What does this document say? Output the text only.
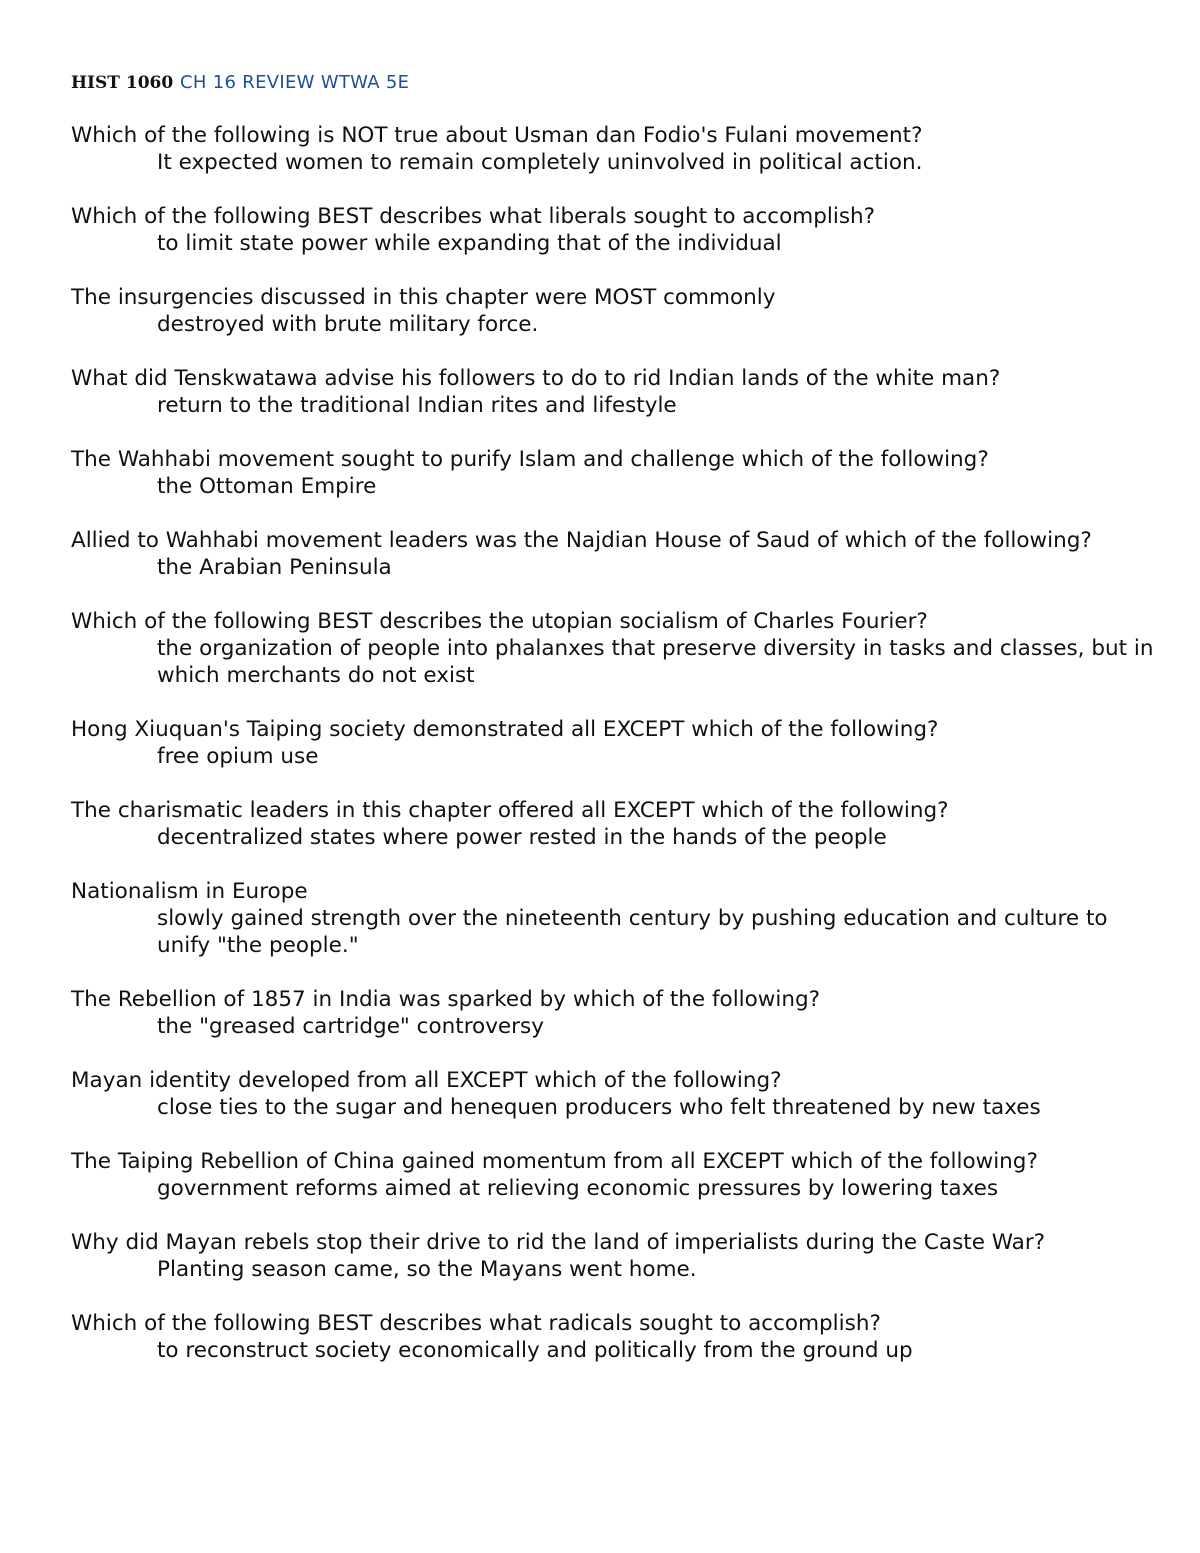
HIST 1060 CH 16 REVIEW WTWA 5E
Which of the following is NOT true about Usman dan Fodio's Fulani movement?
It expected women to remain completely uninvolved in political action.
Which of the following BEST describes what liberals sought to accomplish?
to limit state power while expanding that of the individual
The insurgencies discussed in this chapter were MOST commonly
destroyed with brute military force.
What did Tenskwatawa advise his followers to do to rid Indian lands of the white man?
return to the traditional Indian rites and lifestyle
The Wahhabi movement sought to purify Islam and challenge which of the following?
the Ottoman Empire
Allied to Wahhabi movement leaders was the Najdian House of Saud of which of the following?
the Arabian Peninsula
Which of the following BEST describes the utopian socialism of Charles Fourier?
the organization of people into phalanxes that preserve diversity in tasks and classes, but in which merchants do not exist
Hong Xiuquan's Taiping society demonstrated all EXCEPT which of the following?
free opium use
The charismatic leaders in this chapter offered all EXCEPT which of the following?
decentralized states where power rested in the hands of the people
Nationalism in Europe
slowly gained strength over the nineteenth century by pushing education and culture to unify "the people."
The Rebellion of 1857 in India was sparked by which of the following?
the "greased cartridge" controversy
Mayan identity developed from all EXCEPT which of the following?
close ties to the sugar and henequen producers who felt threatened by new taxes
The Taiping Rebellion of China gained momentum from all EXCEPT which of the following?
government reforms aimed at relieving economic pressures by lowering taxes
Why did Mayan rebels stop their drive to rid the land of imperialists during the Caste War?
Planting season came, so the Mayans went home.
Which of the following BEST describes what radicals sought to accomplish?
to reconstruct society economically and politically from the ground up
